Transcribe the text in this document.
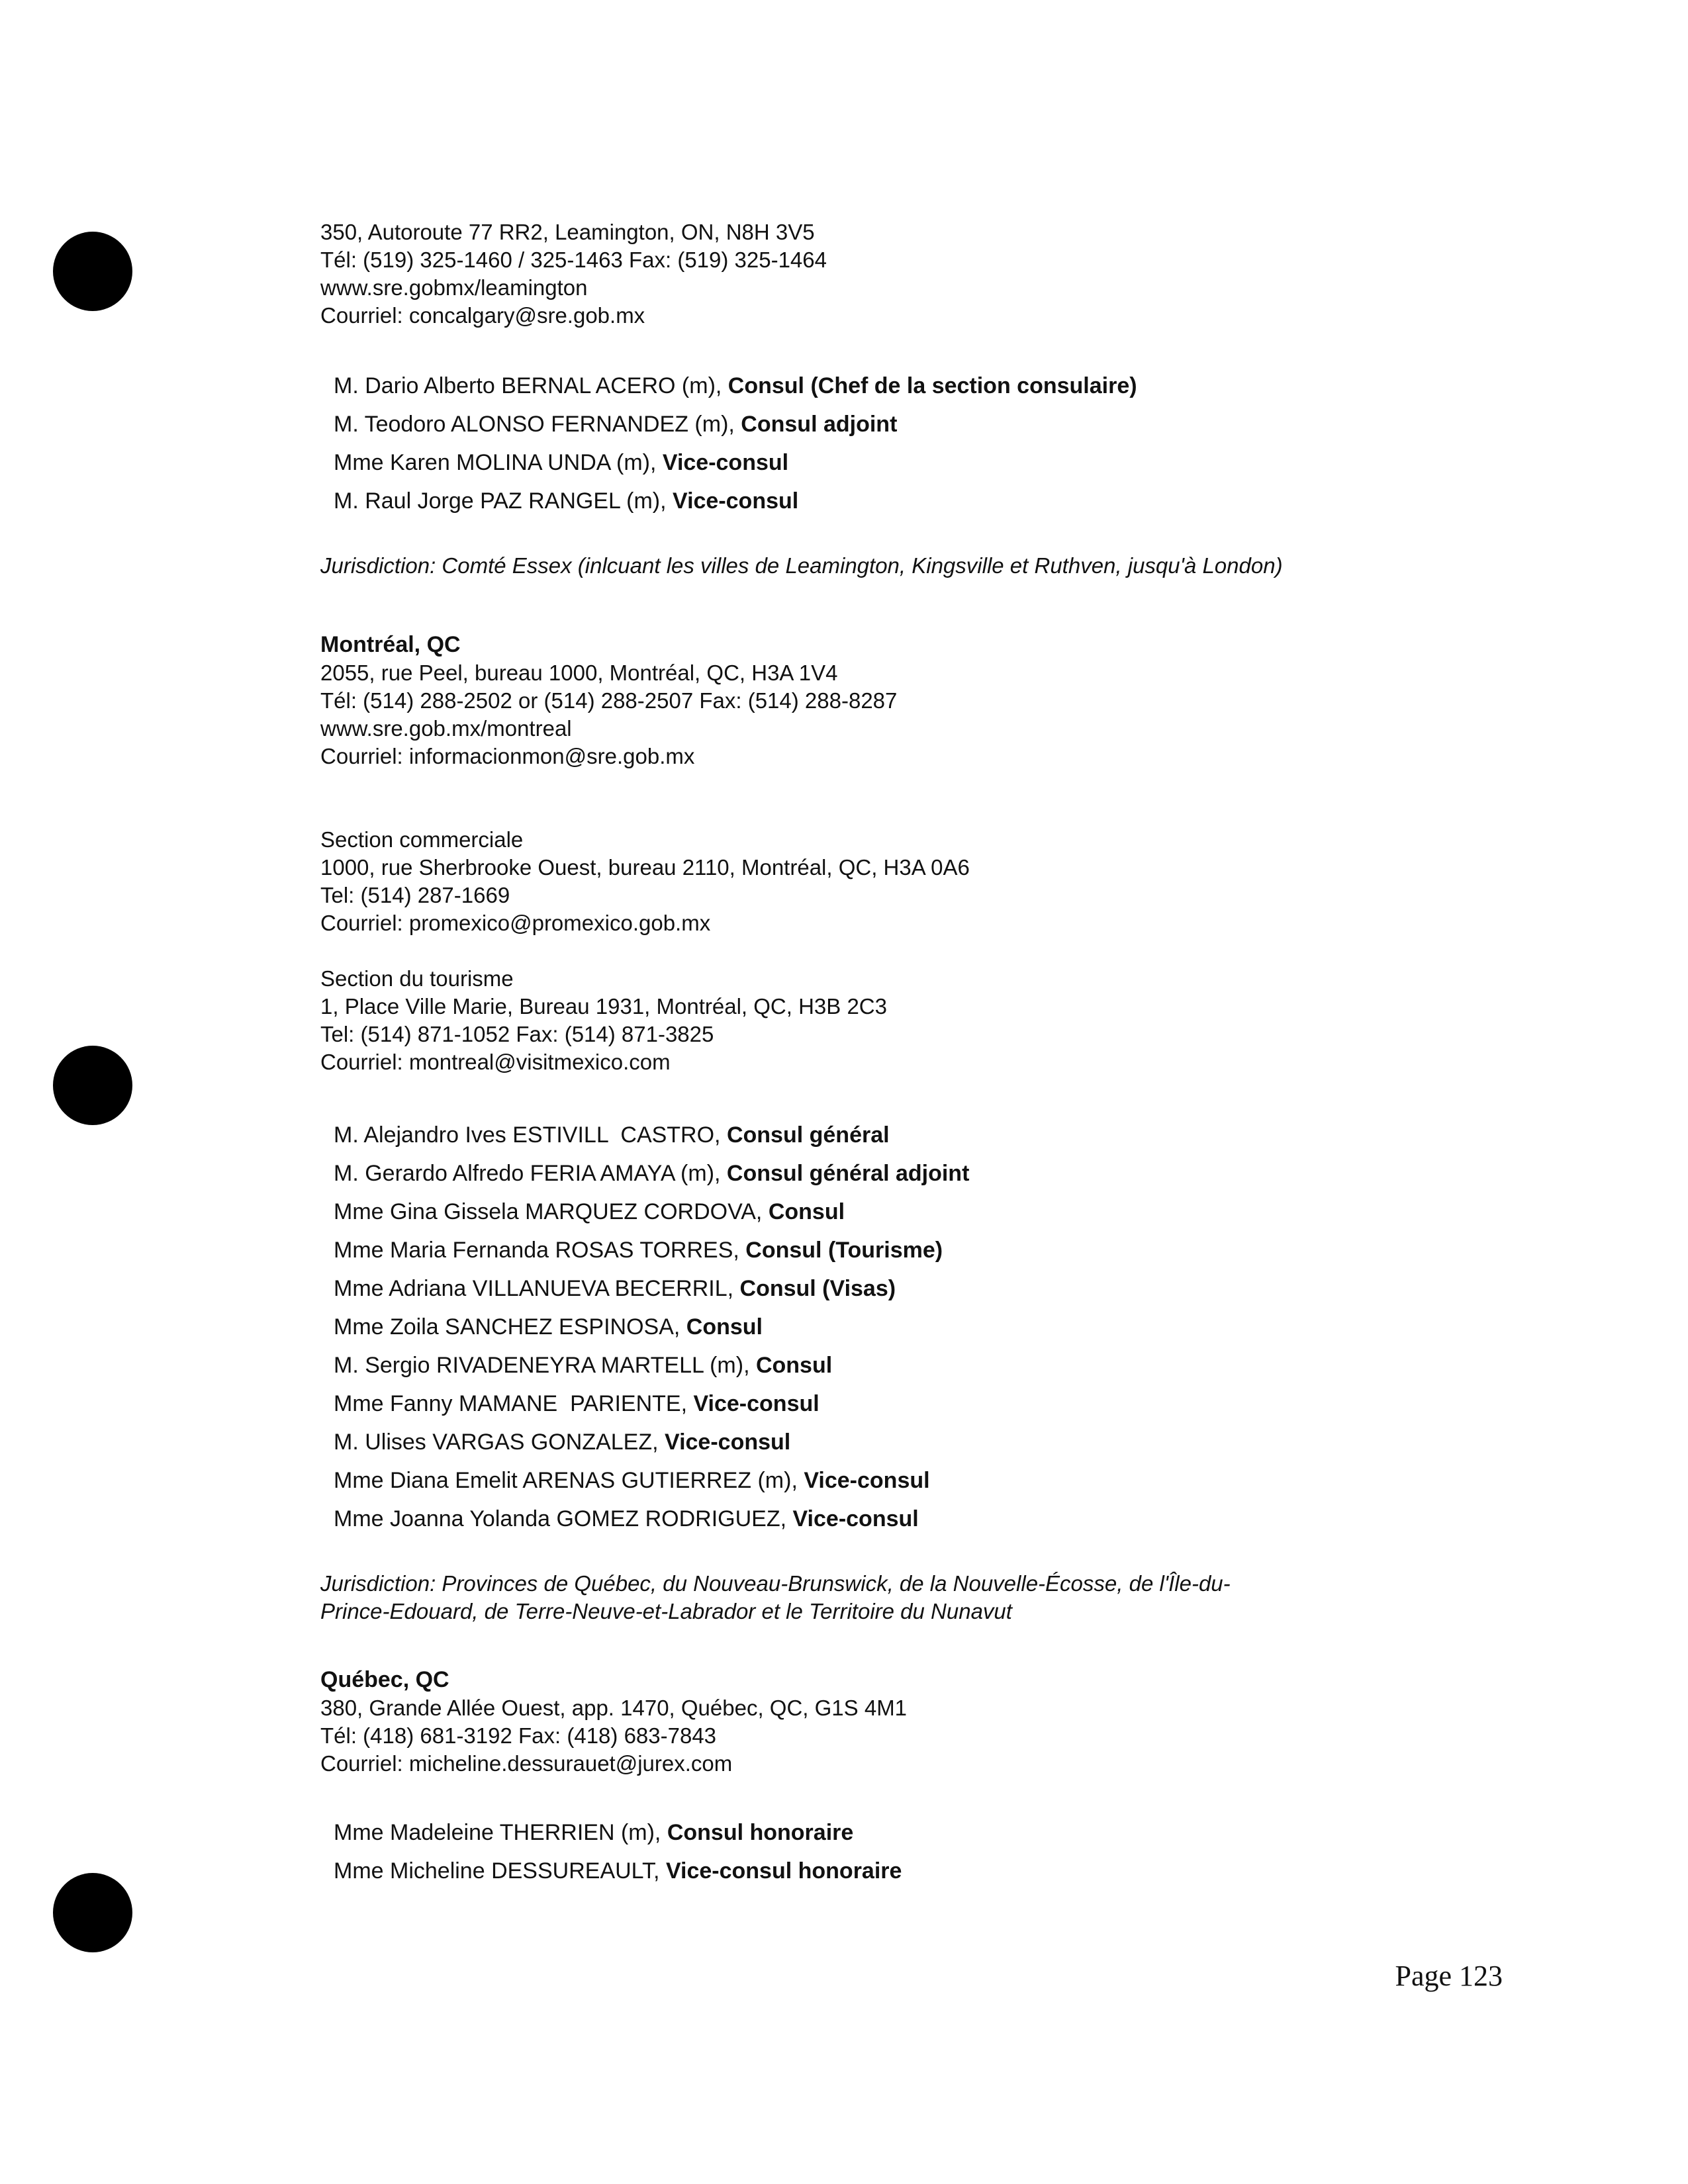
350, Autoroute 77 RR2, Leamington, ON, N8H 3V5
Tél: (519) 325-1460 / 325-1463 Fax: (519) 325-1464
www.sre.gobmx/leamington
Courriel: concalgary@sre.gob.mx
M. Dario Alberto BERNAL ACERO (m), Consul (Chef de la section consulaire)
M. Teodoro ALONSO FERNANDEZ (m), Consul adjoint
Mme Karen MOLINA UNDA (m), Vice-consul
M. Raul Jorge PAZ RANGEL (m), Vice-consul
Jurisdiction: Comté Essex (inlcuant les villes de Leamington, Kingsville et Ruthven, jusqu'à London)
Montréal, QC
2055, rue Peel, bureau 1000, Montréal, QC, H3A 1V4
Tél: (514) 288-2502 or (514) 288-2507 Fax: (514) 288-8287
www.sre.gob.mx/montreal
Courriel: informacionmon@sre.gob.mx
Section commerciale
1000, rue Sherbrooke Ouest, bureau 2110, Montréal, QC, H3A 0A6
Tel: (514) 287-1669
Courriel: promexico@promexico.gob.mx
Section du tourisme
1, Place Ville Marie, Bureau 1931, Montréal, QC, H3B 2C3
Tel: (514) 871-1052 Fax: (514) 871-3825
Courriel: montreal@visitmexico.com
M. Alejandro Ives ESTIVILL  CASTRO, Consul général
M. Gerardo Alfredo FERIA AMAYA (m), Consul général adjoint
Mme Gina Gissela MARQUEZ CORDOVA, Consul
Mme Maria Fernanda ROSAS TORRES, Consul (Tourisme)
Mme Adriana VILLANUEVA BECERRIL, Consul (Visas)
Mme Zoila SANCHEZ ESPINOSA, Consul
M. Sergio RIVADENEYRA MARTELL (m), Consul
Mme Fanny MAMANE  PARIENTE, Vice-consul
M. Ulises VARGAS GONZALEZ, Vice-consul
Mme Diana Emelit ARENAS GUTIERREZ (m), Vice-consul
Mme Joanna Yolanda GOMEZ RODRIGUEZ, Vice-consul
Jurisdiction: Provinces de Québec, du Nouveau-Brunswick, de la Nouvelle-Écosse, de l'Île-du-
Prince-Edouard, de Terre-Neuve-et-Labrador et le Territoire du Nunavut
Québec, QC
380, Grande Allée Ouest, app. 1470, Québec, QC, G1S 4M1
Tél: (418) 681-3192 Fax: (418) 683-7843
Courriel: micheline.dessurauet@jurex.com
Mme Madeleine THERRIEN (m), Consul honoraire
Mme Micheline DESSUREAULT, Vice-consul honoraire
Page 123
